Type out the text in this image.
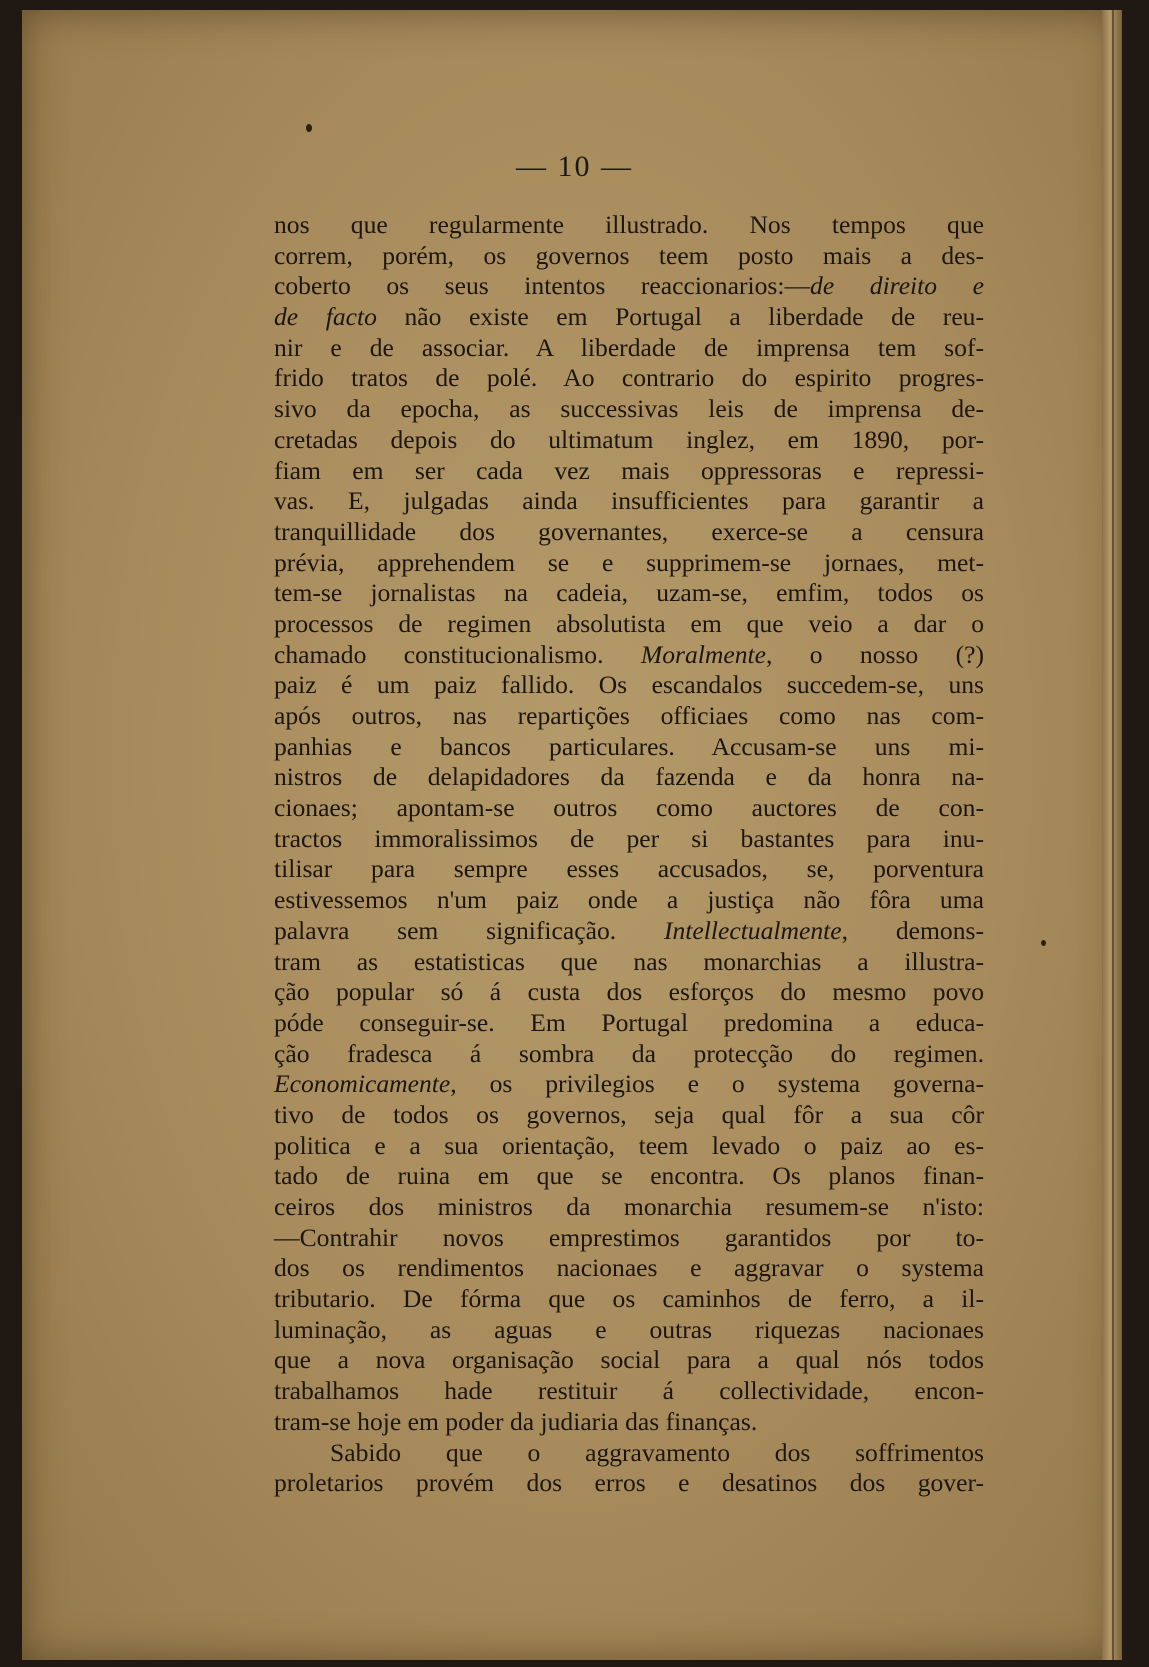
— 10 —
nos que regularmente illustrado. Nos tempos que
correm, porém, os governos teem posto mais a des-
coberto os seus intentos reaccionarios:—de direito e
de facto não existe em Portugal a liberdade de reu-
nir e de associar. A liberdade de imprensa tem sof-
frido tratos de polé. Ao contrario do espirito progres-
sivo da epocha, as successivas leis de imprensa de-
cretadas depois do ultimatum inglez, em 1890, por-
fiam em ser cada vez mais oppressoras e repressi-
vas. E, julgadas ainda insufficientes para garantir a
tranquillidade dos governantes, exerce-se a censura
prévia, apprehendem se e supprimem-se jornaes, met-
tem-se jornalistas na cadeia, uzam-se, emfim, todos os
processos de regimen absolutista em que veio a dar o
chamado constitucionalismo. Moralmente, o nosso (?)
paiz é um paiz fallido. Os escandalos succedem-se, uns
após outros, nas repartições officiaes como nas com-
panhias e bancos particulares. Accusam-se uns mi-
nistros de delapidadores da fazenda e da honra na-
cionaes; apontam-se outros como auctores de con-
tractos immoralissimos de per si bastantes para inu-
tilisar para sempre esses accusados, se, porventura
estivessemos n'um paiz onde a justiça não fôra uma
palavra sem significação. Intellectualmente, demons-
tram as estatisticas que nas monarchias a illustra-
ção popular só á custa dos esforços do mesmo povo
póde conseguir-se. Em Portugal predomina a educa-
ção fradesca á sombra da protecção do regimen.
Economicamente, os privilegios e o systema governa-
tivo de todos os governos, seja qual fôr a sua côr
politica e a sua orientação, teem levado o paiz ao es-
tado de ruina em que se encontra. Os planos finan-
ceiros dos ministros da monarchia resumem-se n'isto:
—Contrahir novos emprestimos garantidos por to-
dos os rendimentos nacionaes e aggravar o systema
tributario. De fórma que os caminhos de ferro, a il-
luminação, as aguas e outras riquezas nacionaes
que a nova organisação social para a qual nós todos
trabalhamos hade restituir á collectividade, encon-
tram-se hoje em poder da judiaria das finanças.
Sabido que o aggravamento dos soffrimentos
proletarios provém dos erros e desatinos dos gover-
